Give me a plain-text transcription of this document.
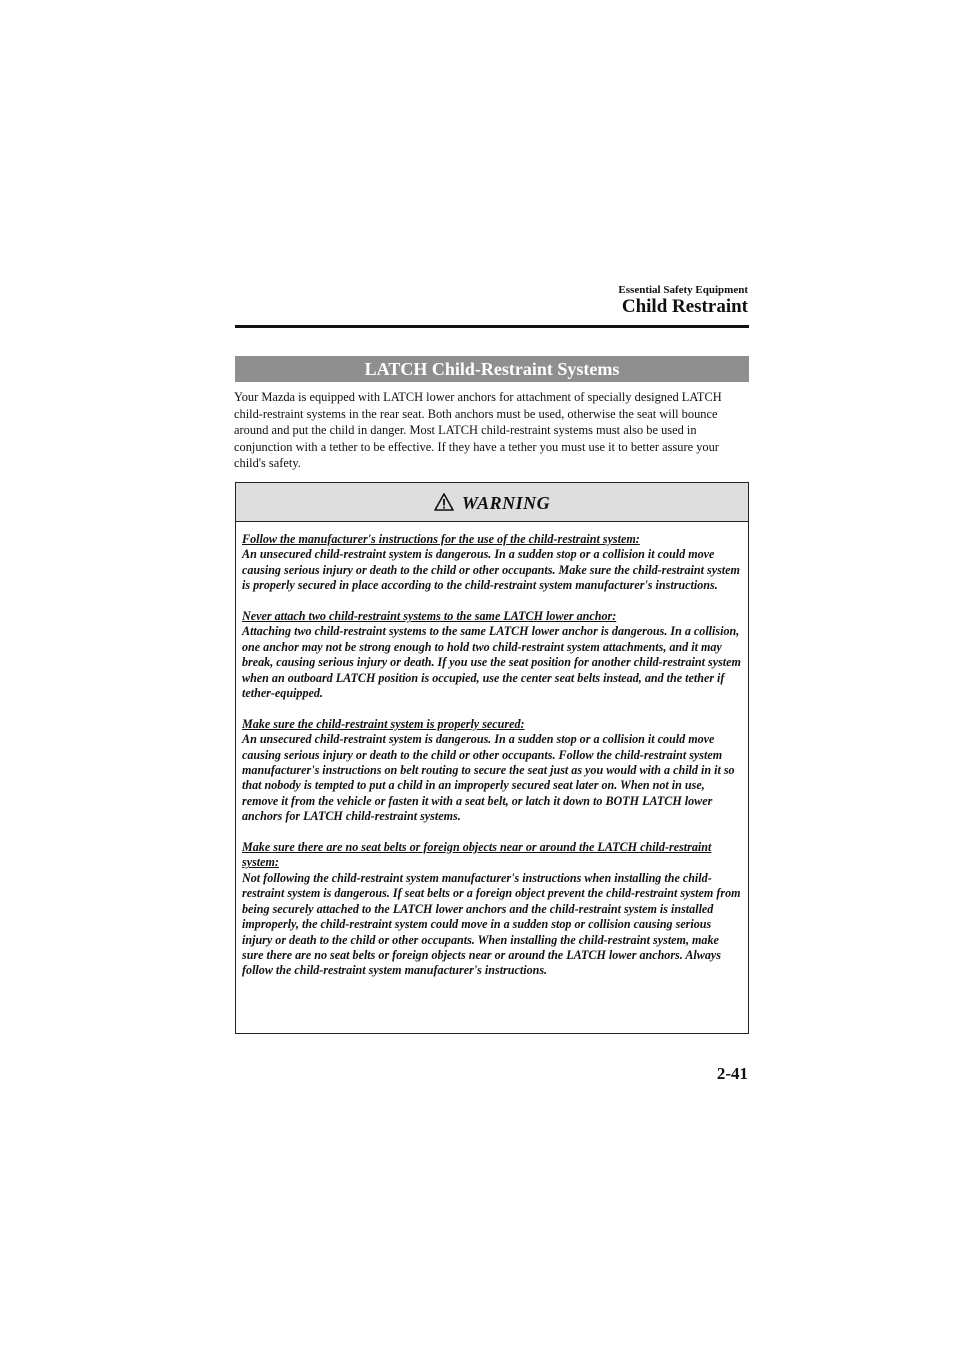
Essential Safety Equipment
Child Restraint
LATCH Child-Restraint Systems

Your Mazda is equipped with LATCH lower anchors for attachment of specially designed LATCH child-restraint systems in the rear seat. Both anchors must be used, otherwise the seat will bounce around and put the child in danger. Most LATCH child-restraint systems must also be used in conjunction with a tether to be effective. If they have a tether you must use it to better assure your child's safety.

WARNING
Follow the manufacturer's instructions for the use of the child-restraint system:
An unsecured child-restraint system is dangerous. In a sudden stop or a collision it could move causing serious injury or death to the child or other occupants. Make sure the child-restraint system is properly secured in place according to the child-restraint system manufacturer's instructions.
Never attach two child-restraint systems to the same LATCH lower anchor:
Attaching two child-restraint systems to the same LATCH lower anchor is dangerous. In a collision, one anchor may not be strong enough to hold two child-restraint system attachments, and it may break, causing serious injury or death. If you use the seat position for another child-restraint system when an outboard LATCH position is occupied, use the center seat belts instead, and the tether if tether-equipped.
Make sure the child-restraint system is properly secured:
An unsecured child-restraint system is dangerous. In a sudden stop or a collision it could move causing serious injury or death to the child or other occupants. Follow the child-restraint system manufacturer's instructions on belt routing to secure the seat just as you would with a child in it so that nobody is tempted to put a child in an improperly secured seat later on. When not in use, remove it from the vehicle or fasten it with a seat belt, or latch it down to BOTH LATCH lower anchors for LATCH child-restraint systems.
Make sure there are no seat belts or foreign objects near or around the LATCH child-restraint system:
Not following the child-restraint system manufacturer's instructions when installing the child-restraint system is dangerous. If seat belts or a foreign object prevent the child-restraint system from being securely attached to the LATCH lower anchors and the child-restraint system is installed improperly, the child-restraint system could move in a sudden stop or collision causing serious injury or death to the child or other occupants. When installing the child-restraint system, make sure there are no seat belts or foreign objects near or around the LATCH lower anchors. Always follow the child-restraint system manufacturer's instructions.
2-41
